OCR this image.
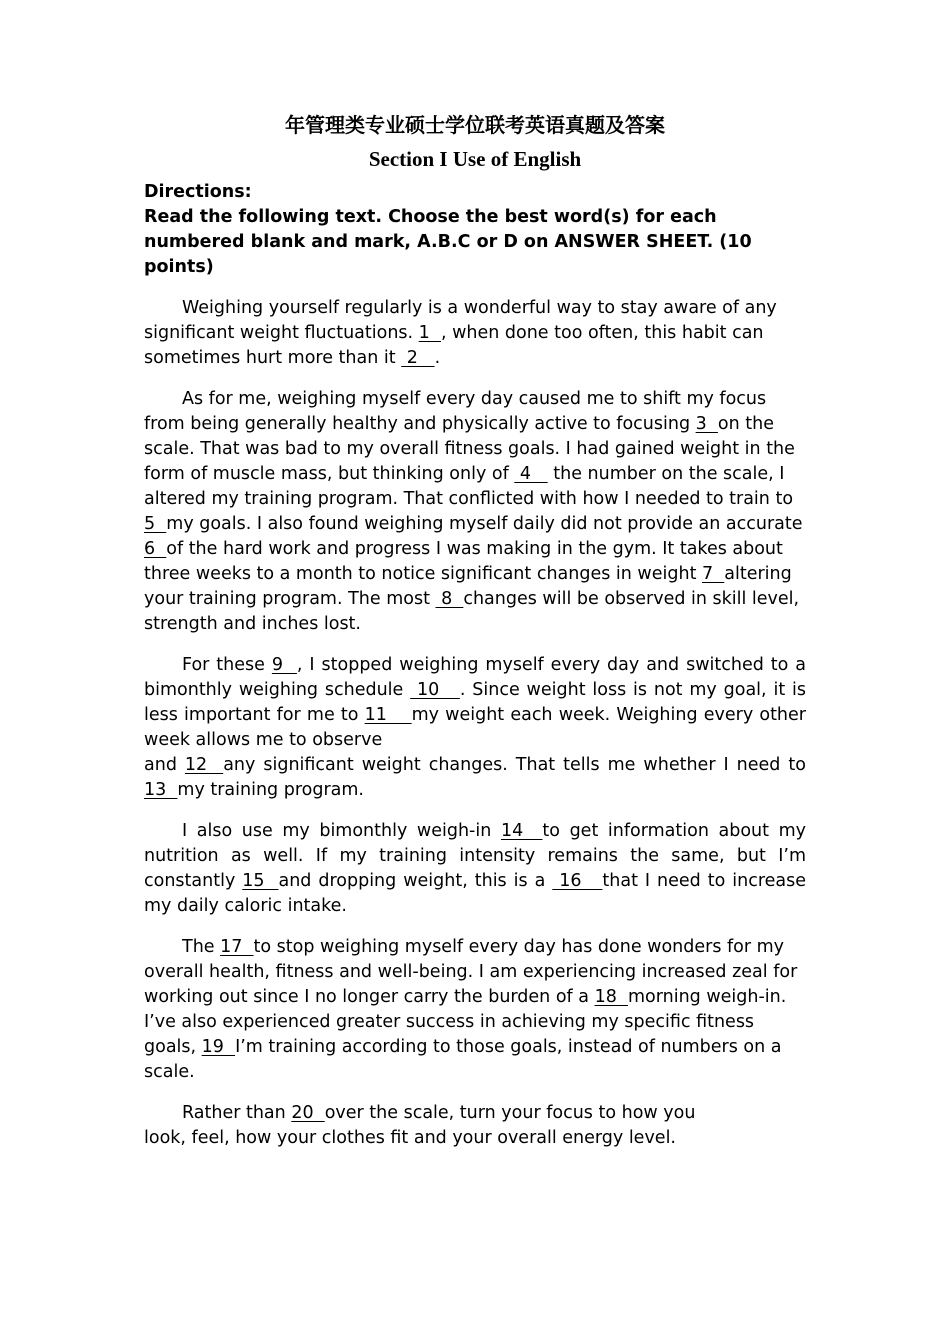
年管理类专业硕士学位联考英语真题及答案
Section I Use of English
Directions:
Read the following text. Choose the best word(s) for each numbered blank and mark, A.B.C or D on ANSWER SHEET. (10 points)

Weighing yourself regularly is a wonderful way to stay aware of any significant weight fluctuations. 1  , when done too often, this habit can sometimes hurt more than it  2   .

As for me, weighing myself every day caused me to shift my focus from being generally healthy and physically active to focusing 3  on the scale. That was bad to my overall fitness goals. I had gained weight in the form of muscle mass, but thinking only of  4    the number on the scale, I altered my training program. That conflicted with how I needed to train to 5  my goals. I also found weighing myself daily did not provide an accurate 6  of the hard work and progress I was making in the gym. It takes about three weeks to a month to notice significant changes in weight 7  altering your training program. The most  8  changes will be observed in skill level, strength and inches lost.

For these 9  , I stopped weighing myself every day and switched to a bimonthly weighing schedule  10   . Since weight loss is not my goal, it is less important for me to 11    my weight each week. Weighing every other week allows me to observe
and 12  any significant weight changes. That tells me whether I need to 13  my training program.

I also use my bimonthly weigh-in 14  to get information about my nutrition as well. If my training intensity remains the same, but I’m constantly 15  and dropping weight, this is a  16   that I need to increase my daily caloric intake.

The 17  to stop weighing myself every day has done wonders for my overall health, fitness and well-being. I am experiencing increased zeal for working out since I no longer carry the burden of a 18  morning weigh-in. I’ve also experienced greater success in achieving my specific fitness goals, 19  I’m training according to those goals, instead of numbers on a scale.

Rather than 20  over the scale, turn your focus to how you
look, feel, how your clothes fit and your overall energy level.
